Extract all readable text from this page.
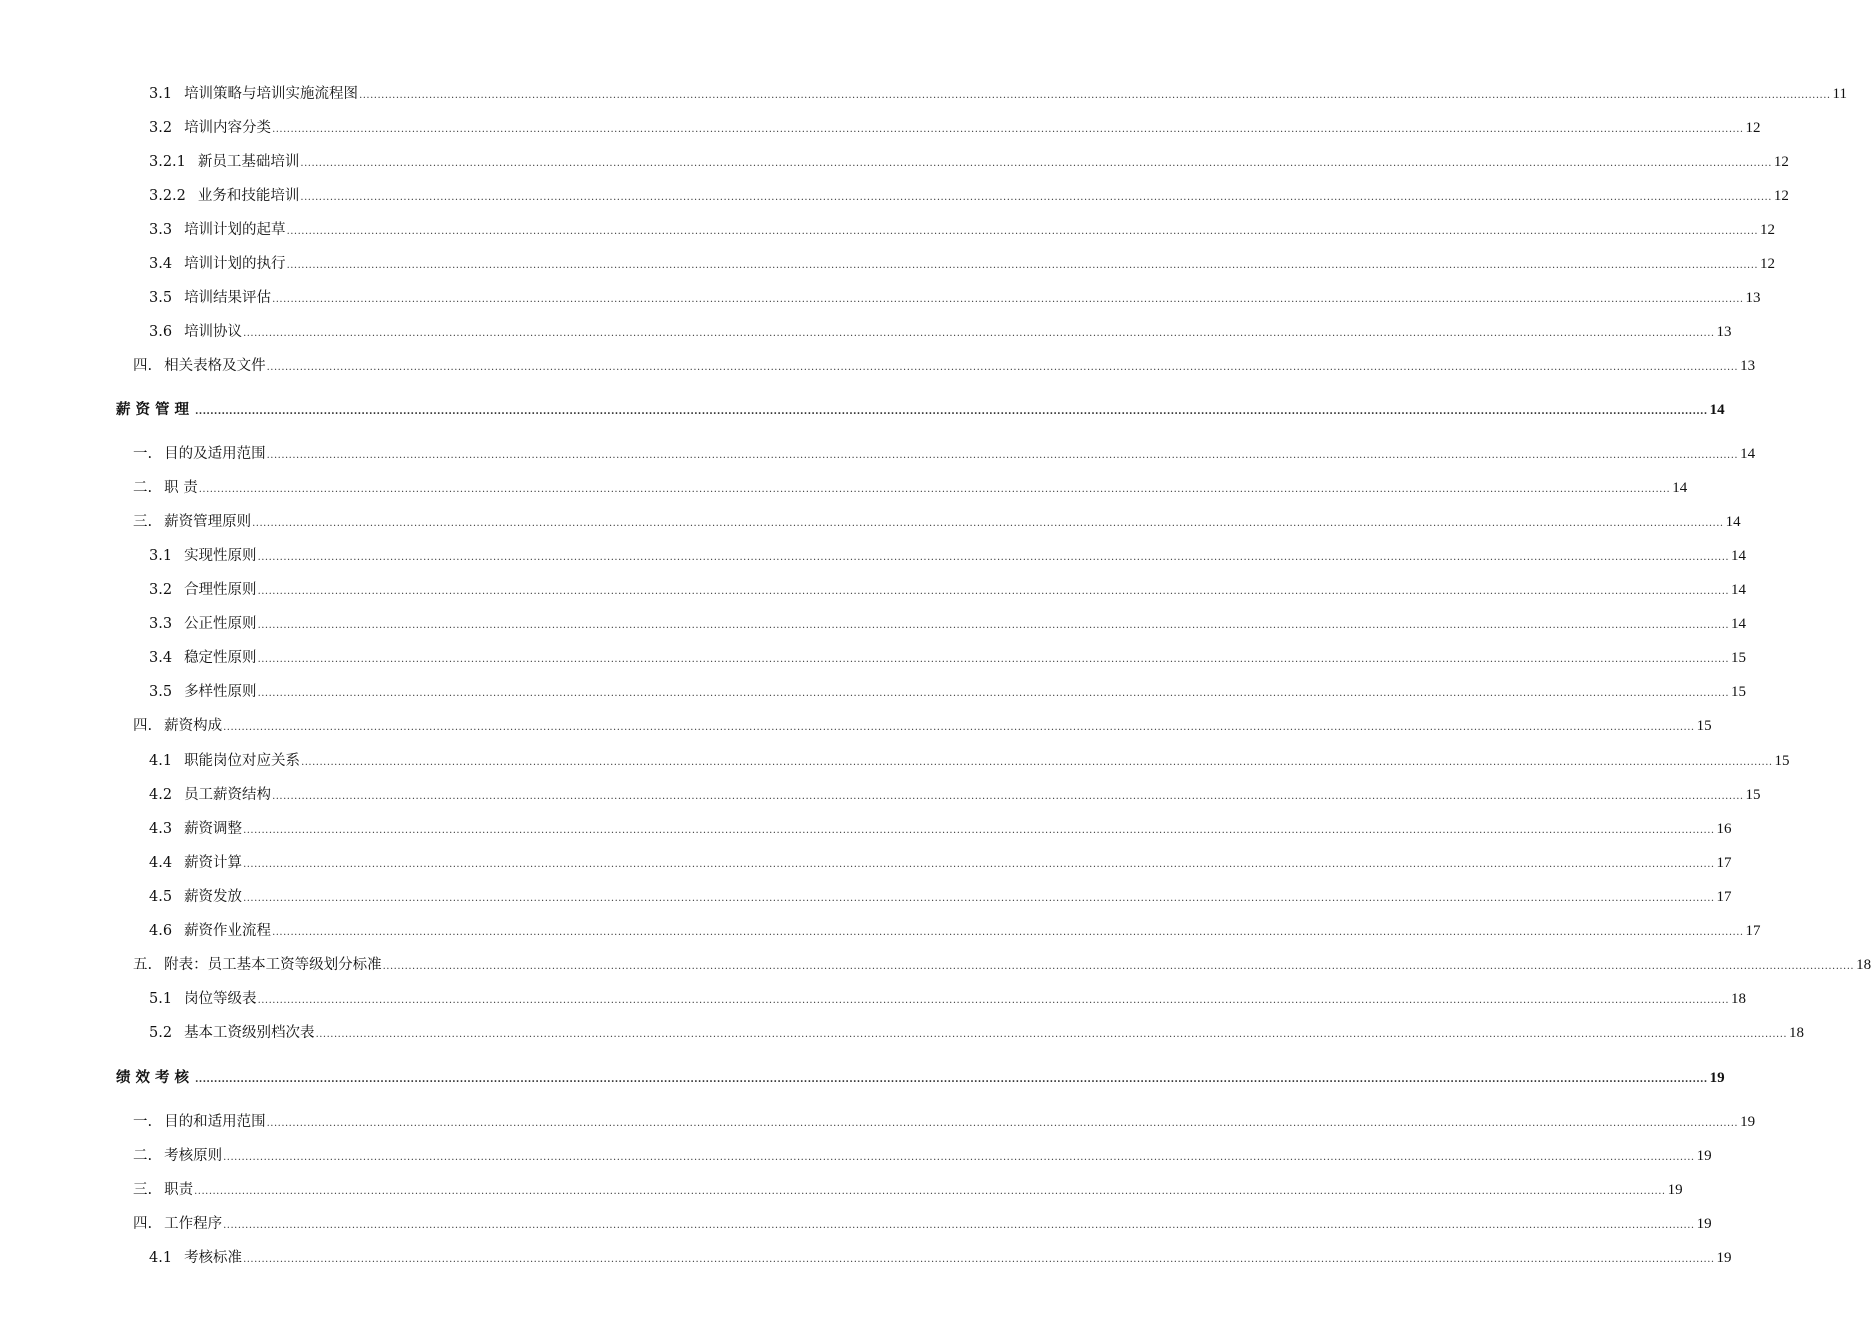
3.1 培训策略与培训实施流程图 ................................................................................................................................................................................................................................................................................................................................................................................................................ 11
3.2 培训内容分类 ................................................................................................................................................................................................................................................................................................................................................................................................................ 12
3.2.1 新员工基础培训 ................................................................................................................................................................................................................................................................................................................................................................................................................ 12
3.2.2 业务和技能培训 ................................................................................................................................................................................................................................................................................................................................................................................................................ 12
3.3 培训计划的起草 ................................................................................................................................................................................................................................................................................................................................................................................................................ 12
3.4 培训计划的执行 ................................................................................................................................................................................................................................................................................................................................................................................................................ 12
3.5 培训结果评估 ................................................................................................................................................................................................................................................................................................................................................................................................................ 13
3.6 培训协议 ................................................................................................................................................................................................................................................................................................................................................................................................................ 13
四. 相关表格及文件 ................................................................................................................................................................................................................................................................................................................................................................................................................ 13
薪资管理 ................................................................................................................................................................................................................................................................................................................................................................................................................ 14
一. 目的及适用范围 ................................................................................................................................................................................................................................................................................................................................................................................................................ 14
二. 职 责 ................................................................................................................................................................................................................................................................................................................................................................................................................ 14
三. 薪资管理原则 ................................................................................................................................................................................................................................................................................................................................................................................................................ 14
3.1 实现性原则 ................................................................................................................................................................................................................................................................................................................................................................................................................ 14
3.2 合理性原则 ................................................................................................................................................................................................................................................................................................................................................................................................................ 14
3.3 公正性原则 ................................................................................................................................................................................................................................................................................................................................................................................................................ 14
3.4 稳定性原则 ................................................................................................................................................................................................................................................................................................................................................................................................................ 15
3.5 多样性原则 ................................................................................................................................................................................................................................................................................................................................................................................................................ 15
四. 薪资构成 ................................................................................................................................................................................................................................................................................................................................................................................................................ 15
4.1 职能岗位对应关系 ................................................................................................................................................................................................................................................................................................................................................................................................................ 15
4.2 员工薪资结构 ................................................................................................................................................................................................................................................................................................................................................................................................................ 15
4.3 薪资调整 ................................................................................................................................................................................................................................................................................................................................................................................................................ 16
4.4 薪资计算 ................................................................................................................................................................................................................................................................................................................................................................................................................ 17
4.5 薪资发放 ................................................................................................................................................................................................................................................................................................................................................................................................................ 17
4.6 薪资作业流程 ................................................................................................................................................................................................................................................................................................................................................................................................................ 17
五. 附表：员工基本工资等级划分标准 ................................................................................................................................................................................................................................................................................................................................................................................................................ 18
5.1 岗位等级表 ................................................................................................................................................................................................................................................................................................................................................................................................................ 18
5.2 基本工资级别档次表 ................................................................................................................................................................................................................................................................................................................................................................................................................ 18
绩效考核 ................................................................................................................................................................................................................................................................................................................................................................................................................ 19
一. 目的和适用范围 ................................................................................................................................................................................................................................................................................................................................................................................................................ 19
二. 考核原则 ................................................................................................................................................................................................................................................................................................................................................................................................................ 19
三. 职责 ................................................................................................................................................................................................................................................................................................................................................................................................................ 19
四. 工作程序 ................................................................................................................................................................................................................................................................................................................................................................................................................ 19
4.1 考核标准 ................................................................................................................................................................................................................................................................................................................................................................................................................ 19
